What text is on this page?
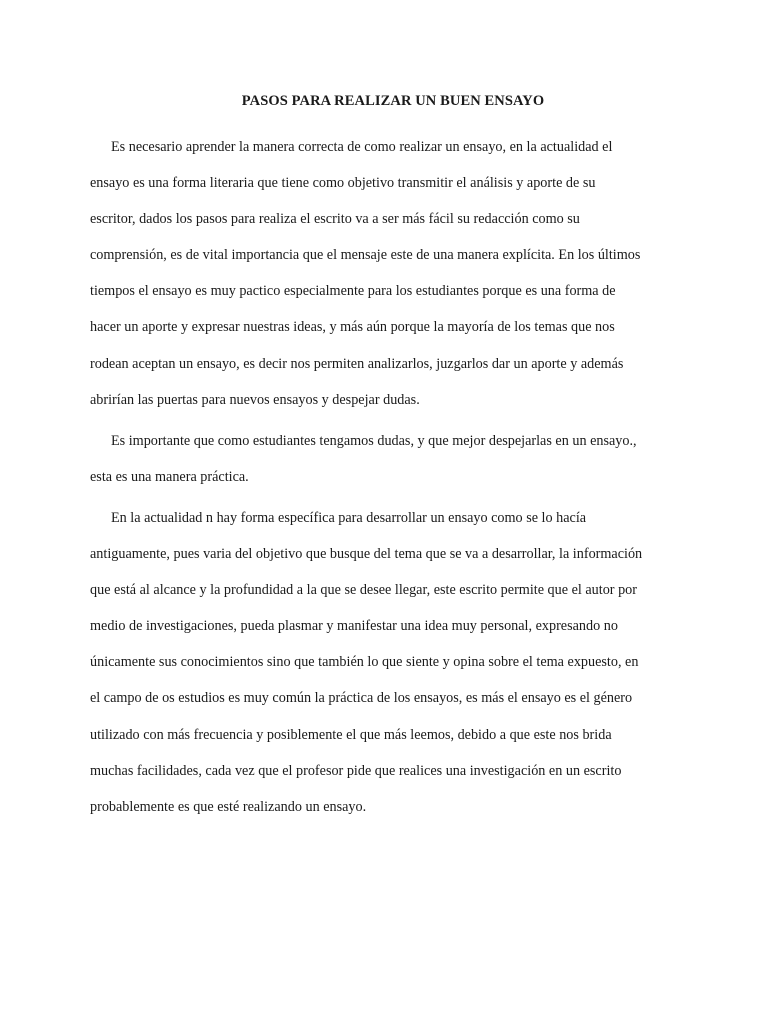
PASOS PARA REALIZAR UN BUEN ENSAYO

Es necesario aprender la manera correcta de como realizar un ensayo, en la actualidad el
ensayo es una forma literaria que tiene como objetivo transmitir el análisis y aporte de su
escritor, dados los pasos para realiza el escrito va a ser más fácil su redacción como su
comprensión, es de vital importancia que el mensaje este de una manera explícita. En los últimos
tiempos el ensayo es muy pactico especialmente para los estudiantes porque es una forma de
hacer un aporte y expresar nuestras ideas, y más aún porque la mayoría de los temas que nos
rodean aceptan un ensayo, es decir nos permiten analizarlos, juzgarlos dar un aporte y además
abrirían las puertas para nuevos ensayos y despejar dudas.

Es importante que como estudiantes tengamos dudas, y que mejor despejarlas en un ensayo.,
esta es una manera práctica.

En la actualidad n hay forma específica para desarrollar un ensayo como se lo hacía
antiguamente, pues varia del objetivo que busque del tema que se va a desarrollar, la información
que está al alcance y la profundidad a la que se desee llegar, este escrito permite que el autor por
medio de investigaciones, pueda plasmar y manifestar una idea muy personal, expresando no
únicamente sus conocimientos sino que también lo que siente y opina sobre el tema expuesto, en
el campo de os estudios es muy común la práctica de los ensayos, es más el ensayo es el género
utilizado con más frecuencia y posiblemente el que más leemos, debido a que este nos brida
muchas facilidades, cada vez que el profesor pide que realices una investigación en un escrito
probablemente es que esté realizando un ensayo.
